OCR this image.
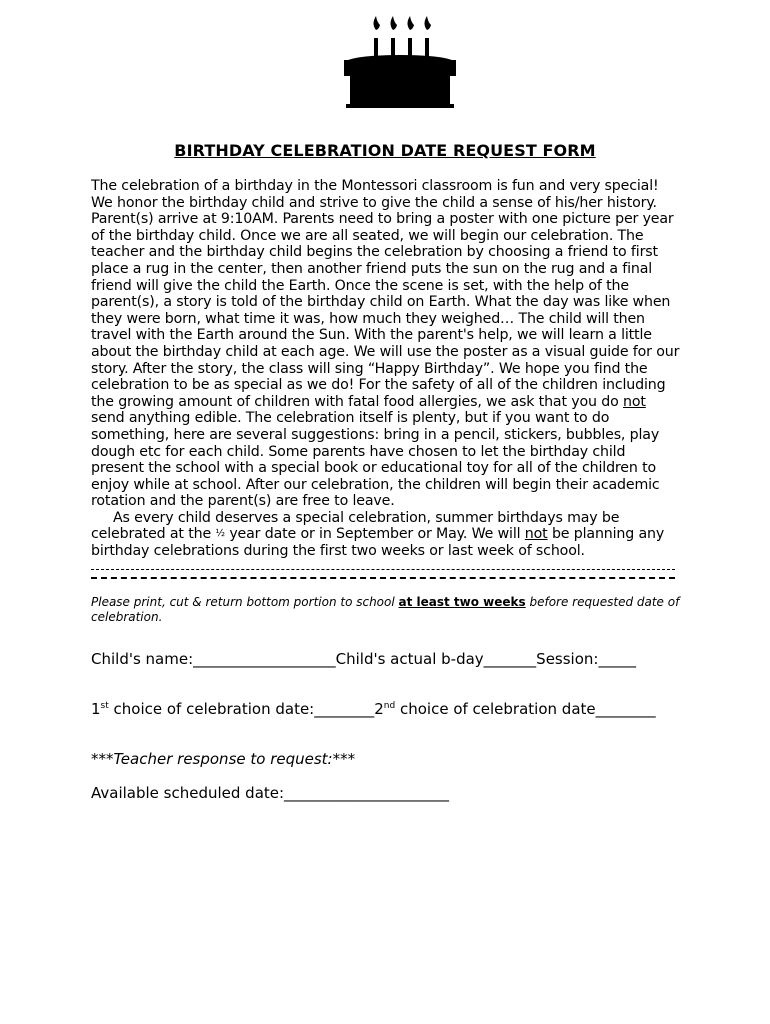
BIRTHDAY CELEBRATION DATE REQUEST FORM

The celebration of a birthday in the Montessori classroom is fun and very special! We honor the birthday child and strive to give the child a sense of his/her history. Parent(s) arrive at 9:10AM. Parents need to bring a poster with one picture per year of the birthday child. Once we are all seated, we will begin our celebration. The teacher and the birthday child begins the celebration by choosing a friend to first place a rug in the center, then another friend puts the sun on the rug and a final friend will give the child the Earth. Once the scene is set, with the help of the parent(s), a story is told of the birthday child on Earth. What the day was like when they were born, what time it was, how much they weighed… The child will then travel with the Earth around the Sun. With the parent's help, we will learn a little about the birthday child at each age. We will use the poster as a visual guide for our story. After the story, the class will sing “Happy Birthday”. We hope you find the celebration to be as special as we do! For the safety of all of the children including the growing amount of children with fatal food allergies, we ask that you do not send anything edible. The celebration itself is plenty, but if you want to do something, here are several suggestions: bring in a pencil, stickers, bubbles, play dough etc for each child. Some parents have chosen to let the birthday child present the school with a special book or educational toy for all of the children to enjoy while at school. After our celebration, the children will begin their academic rotation and the parent(s) are free to leave.

As every child deserves a special celebration, summer birthdays may be celebrated at the ½ year date or in September or May. We will not be planning any birthday celebrations during the first two weeks or last week of school.

Please print, cut & return bottom portion to school at least two weeks before requested date of celebration.
Child's name:___________________Child's actual b-day_______Session:_____
1st choice of celebration date:________2nd choice of celebration date________
***Teacher response to request:***
Available scheduled date:______________________
